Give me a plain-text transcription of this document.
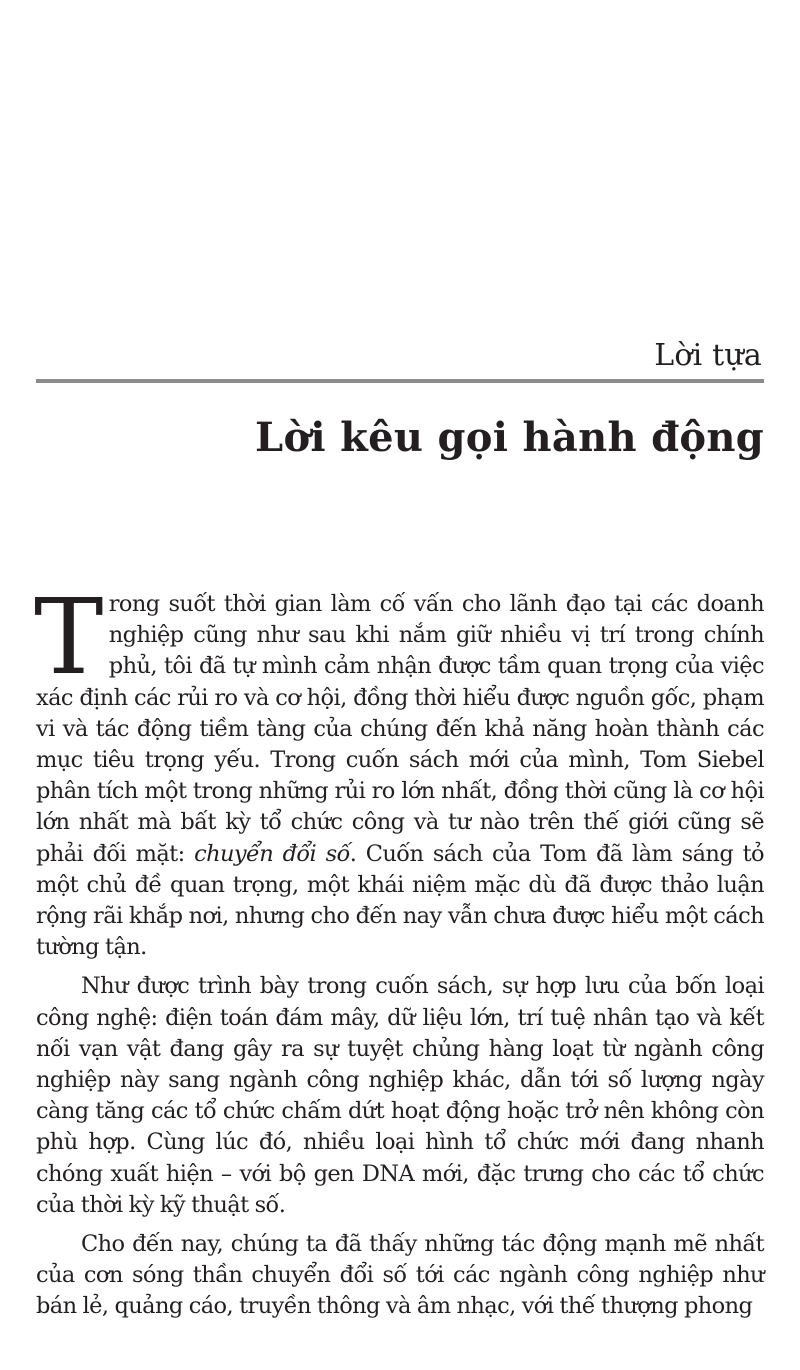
Lời tựa
Lời kêu gọi hành động

Trong suốt thời gian làm cố vấn cho lãnh đạo tại các doanh nghiệp cũng như sau khi nắm giữ nhiều vị trí trong chính phủ, tôi đã tự mình cảm nhận được tầm quan trọng của việc xác định các rủi ro và cơ hội, đồng thời hiểu được nguồn gốc, phạm vi và tác động tiềm tàng của chúng đến khả năng hoàn thành các mục tiêu trọng yếu. Trong cuốn sách mới của mình, Tom Siebel phân tích một trong những rủi ro lớn nhất, đồng thời cũng là cơ hội lớn nhất mà bất kỳ tổ chức công và tư nào trên thế giới cũng sẽ phải đối mặt: chuyển đổi số. Cuốn sách của Tom đã làm sáng tỏ một chủ đề quan trọng, một khái niệm mặc dù đã được thảo luận rộng rãi khắp nơi, nhưng cho đến nay vẫn chưa được hiểu một cách tường tận.

Như được trình bày trong cuốn sách, sự hợp lưu của bốn loại công nghệ: điện toán đám mây, dữ liệu lớn, trí tuệ nhân tạo và kết nối vạn vật đang gây ra sự tuyệt chủng hàng loạt từ ngành công nghiệp này sang ngành công nghiệp khác, dẫn tới số lượng ngày càng tăng các tổ chức chấm dứt hoạt động hoặc trở nên không còn phù hợp. Cùng lúc đó, nhiều loại hình tổ chức mới đang nhanh chóng xuất hiện – với bộ gen DNA mới, đặc trưng cho các tổ chức của thời kỳ kỹ thuật số.

Cho đến nay, chúng ta đã thấy những tác động mạnh mẽ nhất của cơn sóng thần chuyển đổi số tới các ngành công nghiệp như bán lẻ, quảng cáo, truyền thông và âm nhạc, với thế thượng phong
